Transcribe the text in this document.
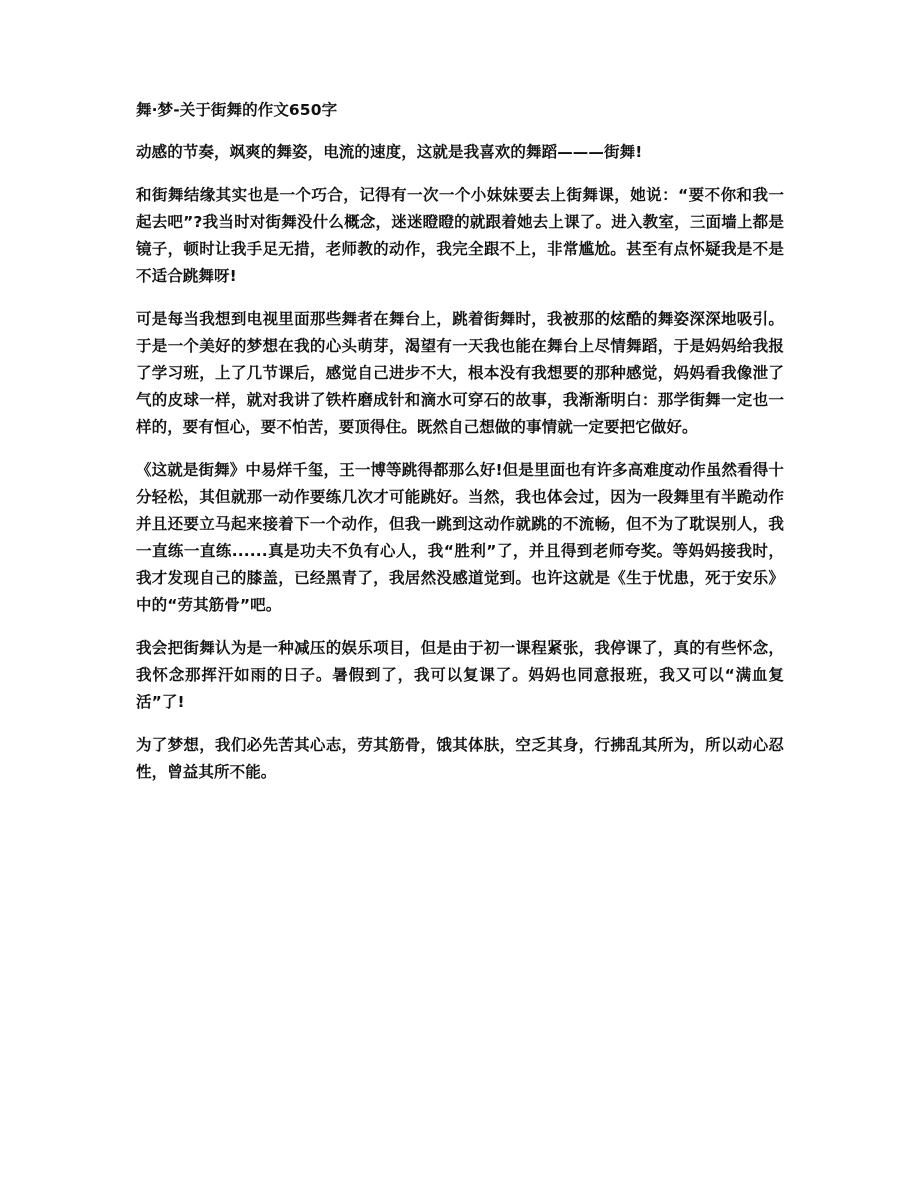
舞·梦-关于街舞的作文650字

动感的节奏，飒爽的舞姿，电流的速度，这就是我喜欢的舞蹈———街舞!

和街舞结缘其实也是一个巧合，记得有一次一个小妹妹要去上街舞课，她说：“要不你和我一起去吧”?我当时对街舞没什么概念，迷迷瞪瞪的就跟着她去上课了。进入教室，三面墙上都是镜子，顿时让我手足无措，老师教的动作，我完全跟不上，非常尴尬。甚至有点怀疑我是不是不适合跳舞呀!

可是每当我想到电视里面那些舞者在舞台上，跳着街舞时，我被那的炫酷的舞姿深深地吸引。于是一个美好的梦想在我的心头萌芽，渴望有一天我也能在舞台上尽情舞蹈，于是妈妈给我报了学习班，上了几节课后，感觉自己进步不大，根本没有我想要的那种感觉，妈妈看我像泄了气的皮球一样，就对我讲了铁杵磨成针和滴水可穿石的故事，我渐渐明白：那学街舞一定也一样的，要有恒心，要不怕苦，要顶得住。既然自己想做的事情就一定要把它做好。

《这就是街舞》中易烊千玺，王一博等跳得都那么好!但是里面也有许多高难度动作虽然看得十分轻松，其但就那一动作要练几次才可能跳好。当然，我也体会过，因为一段舞里有半跪动作并且还要立马起来接着下一个动作，但我一跳到这动作就跳的不流畅，但不为了耽误别人，我一直练一直练......真是功夫不负有心人，我“胜利”了，并且得到老师夸奖。等妈妈接我时，我才发现自己的膝盖，已经黑青了，我居然没感道觉到。也许这就是《生于忧患，死于安乐》中的“劳其筋骨”吧。

我会把街舞认为是一种减压的娱乐项目，但是由于初一课程紧张，我停课了，真的有些怀念，我怀念那挥汗如雨的日子。暑假到了，我可以复课了。妈妈也同意报班，我又可以“满血复活”了!

为了梦想，我们必先苦其心志，劳其筋骨，饿其体肤，空乏其身，行拂乱其所为，所以动心忍性，曾益其所不能。
